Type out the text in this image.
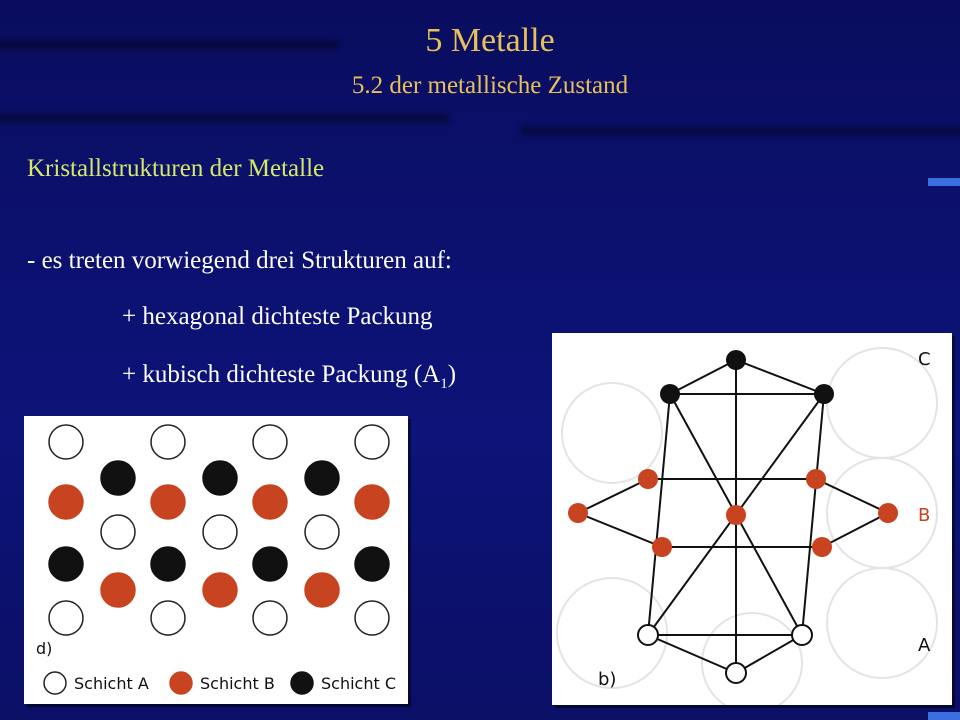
5 Metalle
5.2 der metallische Zustand
Kristallstrukturen der Metalle
- es treten vorwiegend drei Strukturen auf:
+ hexagonal dichteste Packung
+ kubisch dichteste Packung $(A_1)$
d)
Schicht A	Schicht B	Schicht C
C
B
A
b)
